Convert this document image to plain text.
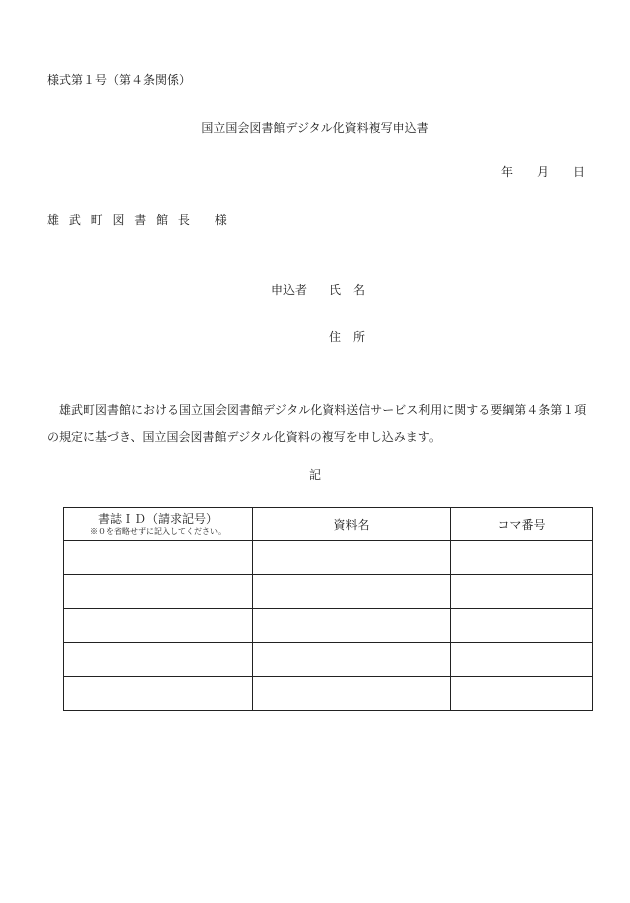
様式第１号（第４条関係）
国立国会図書館デジタル化資料複写申込書
年 月 日
雄 武 町 図 書 館 長 　様
申込者 氏　名
住　所
雄武町図書館における国立国会図書館デジタル化資料送信サービス利用に関する要綱第４条第１項の規定に基づき、国立国会図書館デジタル化資料の複写を申し込みます。
記
書誌ＩＤ（請求記号）
※０を省略せずに記入してください。	資料名	コマ番号
